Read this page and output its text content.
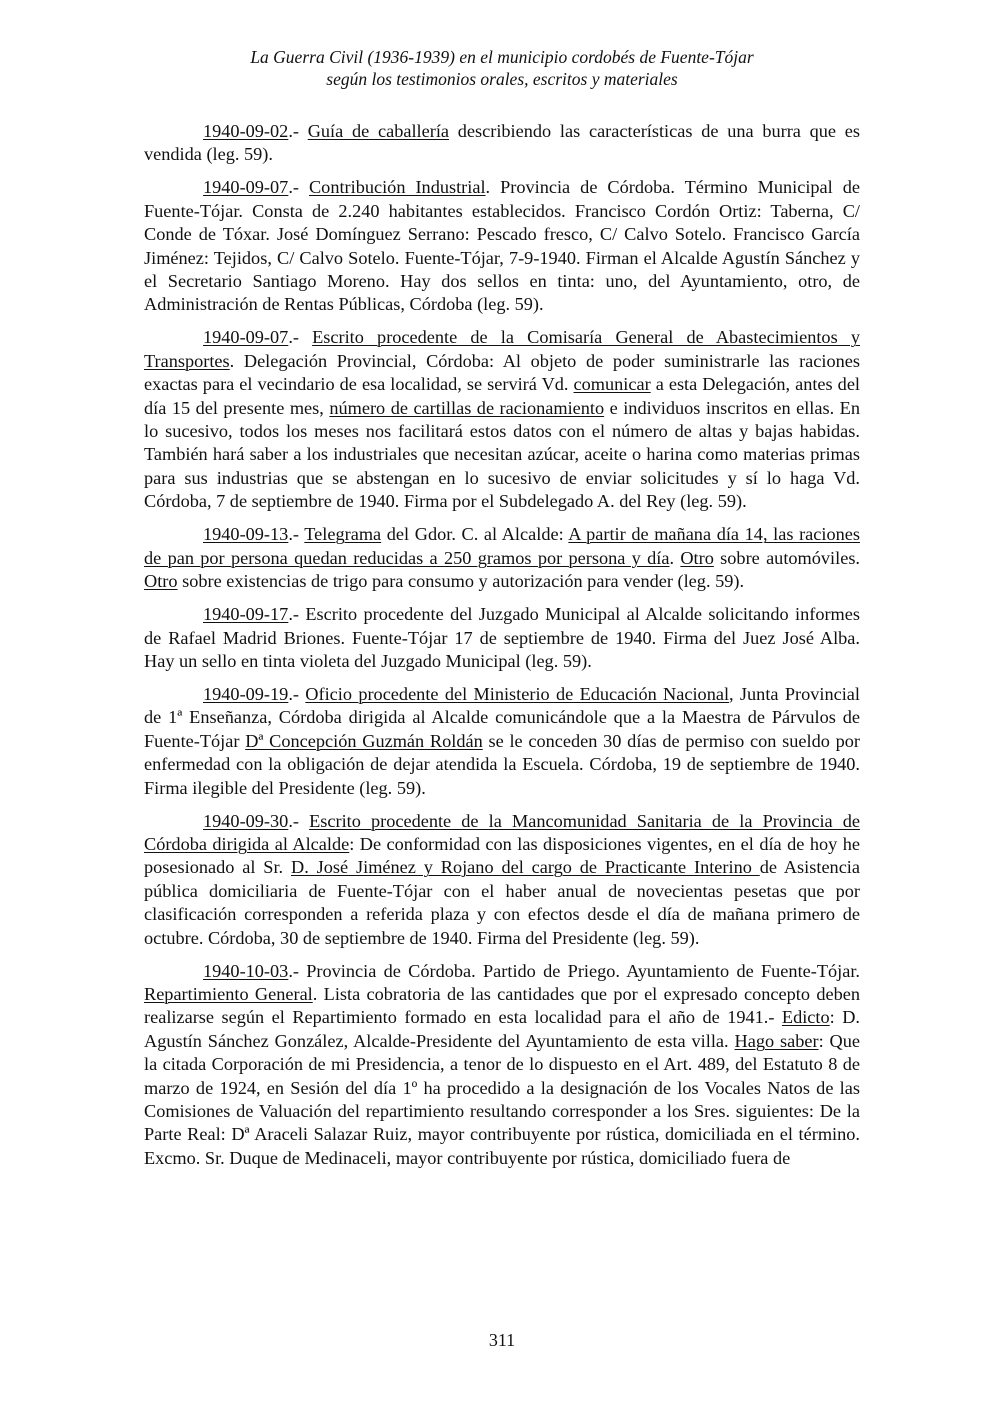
La Guerra Civil (1936-1939) en el municipio cordobés de Fuente-Tójar
según los testimonios orales, escritos y materiales

1940-09-02.- Guía de caballería describiendo las características de una burra que es vendida (leg. 59).

1940-09-07.- Contribución Industrial. Provincia de Córdoba. Término Municipal de Fuente-Tójar. Consta de 2.240 habitantes establecidos. Francisco Cordón Ortiz: Taberna, C/ Conde de Tóxar. José Domínguez Serrano: Pescado fresco, C/ Calvo Sotelo. Francisco García Jiménez: Tejidos, C/ Calvo Sotelo. Fuente-Tójar, 7-9-1940. Firman el Alcalde Agustín Sánchez y el Secretario Santiago Moreno. Hay dos sellos en tinta: uno, del Ayuntamiento, otro, de Administración de Rentas Públicas, Córdoba (leg. 59).

1940-09-07.- Escrito procedente de la Comisaría General de Abastecimientos y Transportes. Delegación Provincial, Córdoba: Al objeto de poder suministrarle las raciones exactas para el vecindario de esa localidad, se servirá Vd. comunicar a esta Delegación, antes del día 15 del presente mes, número de cartillas de racionamiento e individuos inscritos en ellas. En lo sucesivo, todos los meses nos facilitará estos datos con el número de altas y bajas habidas. También hará saber a los industriales que necesitan azúcar, aceite o harina como materias primas para sus industrias que se abstengan en lo sucesivo de enviar solicitudes y sí lo haga Vd. Córdoba, 7 de septiembre de 1940. Firma por el Subdelegado A. del Rey (leg. 59).

1940-09-13.- Telegrama del Gdor. C. al Alcalde: A partir de mañana día 14, las raciones de pan por persona quedan reducidas a 250 gramos por persona y día. Otro sobre automóviles. Otro sobre existencias de trigo para consumo y autorización para vender (leg. 59).

1940-09-17.- Escrito procedente del Juzgado Municipal al Alcalde solicitando informes de Rafael Madrid Briones. Fuente-Tójar 17 de septiembre de 1940. Firma del Juez José Alba. Hay un sello en tinta violeta del Juzgado Municipal (leg. 59).

1940-09-19.- Oficio procedente del Ministerio de Educación Nacional, Junta Provincial de 1ª Enseñanza, Córdoba dirigida al Alcalde comunicándole que a la Maestra de Párvulos de Fuente-Tójar Dª Concepción Guzmán Roldán se le conceden 30 días de permiso con sueldo por enfermedad con la obligación de dejar atendida la Escuela. Córdoba, 19 de septiembre de 1940. Firma ilegible del Presidente (leg. 59).

1940-09-30.- Escrito procedente de la Mancomunidad Sanitaria de la Provincia de Córdoba dirigida al Alcalde: De conformidad con las disposiciones vigentes, en el día de hoy he posesionado al Sr. D. José Jiménez y Rojano del cargo de Practicante Interino de Asistencia pública domiciliaria de Fuente-Tójar con el haber anual de novecientas pesetas que por clasificación corresponden a referida plaza y con efectos desde el día de mañana primero de octubre. Córdoba, 30 de septiembre de 1940. Firma del Presidente (leg. 59).

1940-10-03.- Provincia de Córdoba. Partido de Priego. Ayuntamiento de Fuente-Tójar. Repartimiento General. Lista cobratoria de las cantidades que por el expresado concepto deben realizarse según el Repartimiento formado en esta localidad para el año de 1941.- Edicto: D. Agustín Sánchez González, Alcalde-Presidente del Ayuntamiento de esta villa. Hago saber: Que la citada Corporación de mi Presidencia, a tenor de lo dispuesto en el Art. 489, del Estatuto 8 de marzo de 1924, en Sesión del día 1º ha procedido a la designación de los Vocales Natos de las Comisiones de Valuación del repartimiento resultando corresponder a los Sres. siguientes: De la Parte Real: Dª Araceli Salazar Ruiz, mayor contribuyente por rústica, domiciliada en el término. Excmo. Sr. Duque de Medinaceli, mayor contribuyente por rústica, domiciliado fuera de

311
